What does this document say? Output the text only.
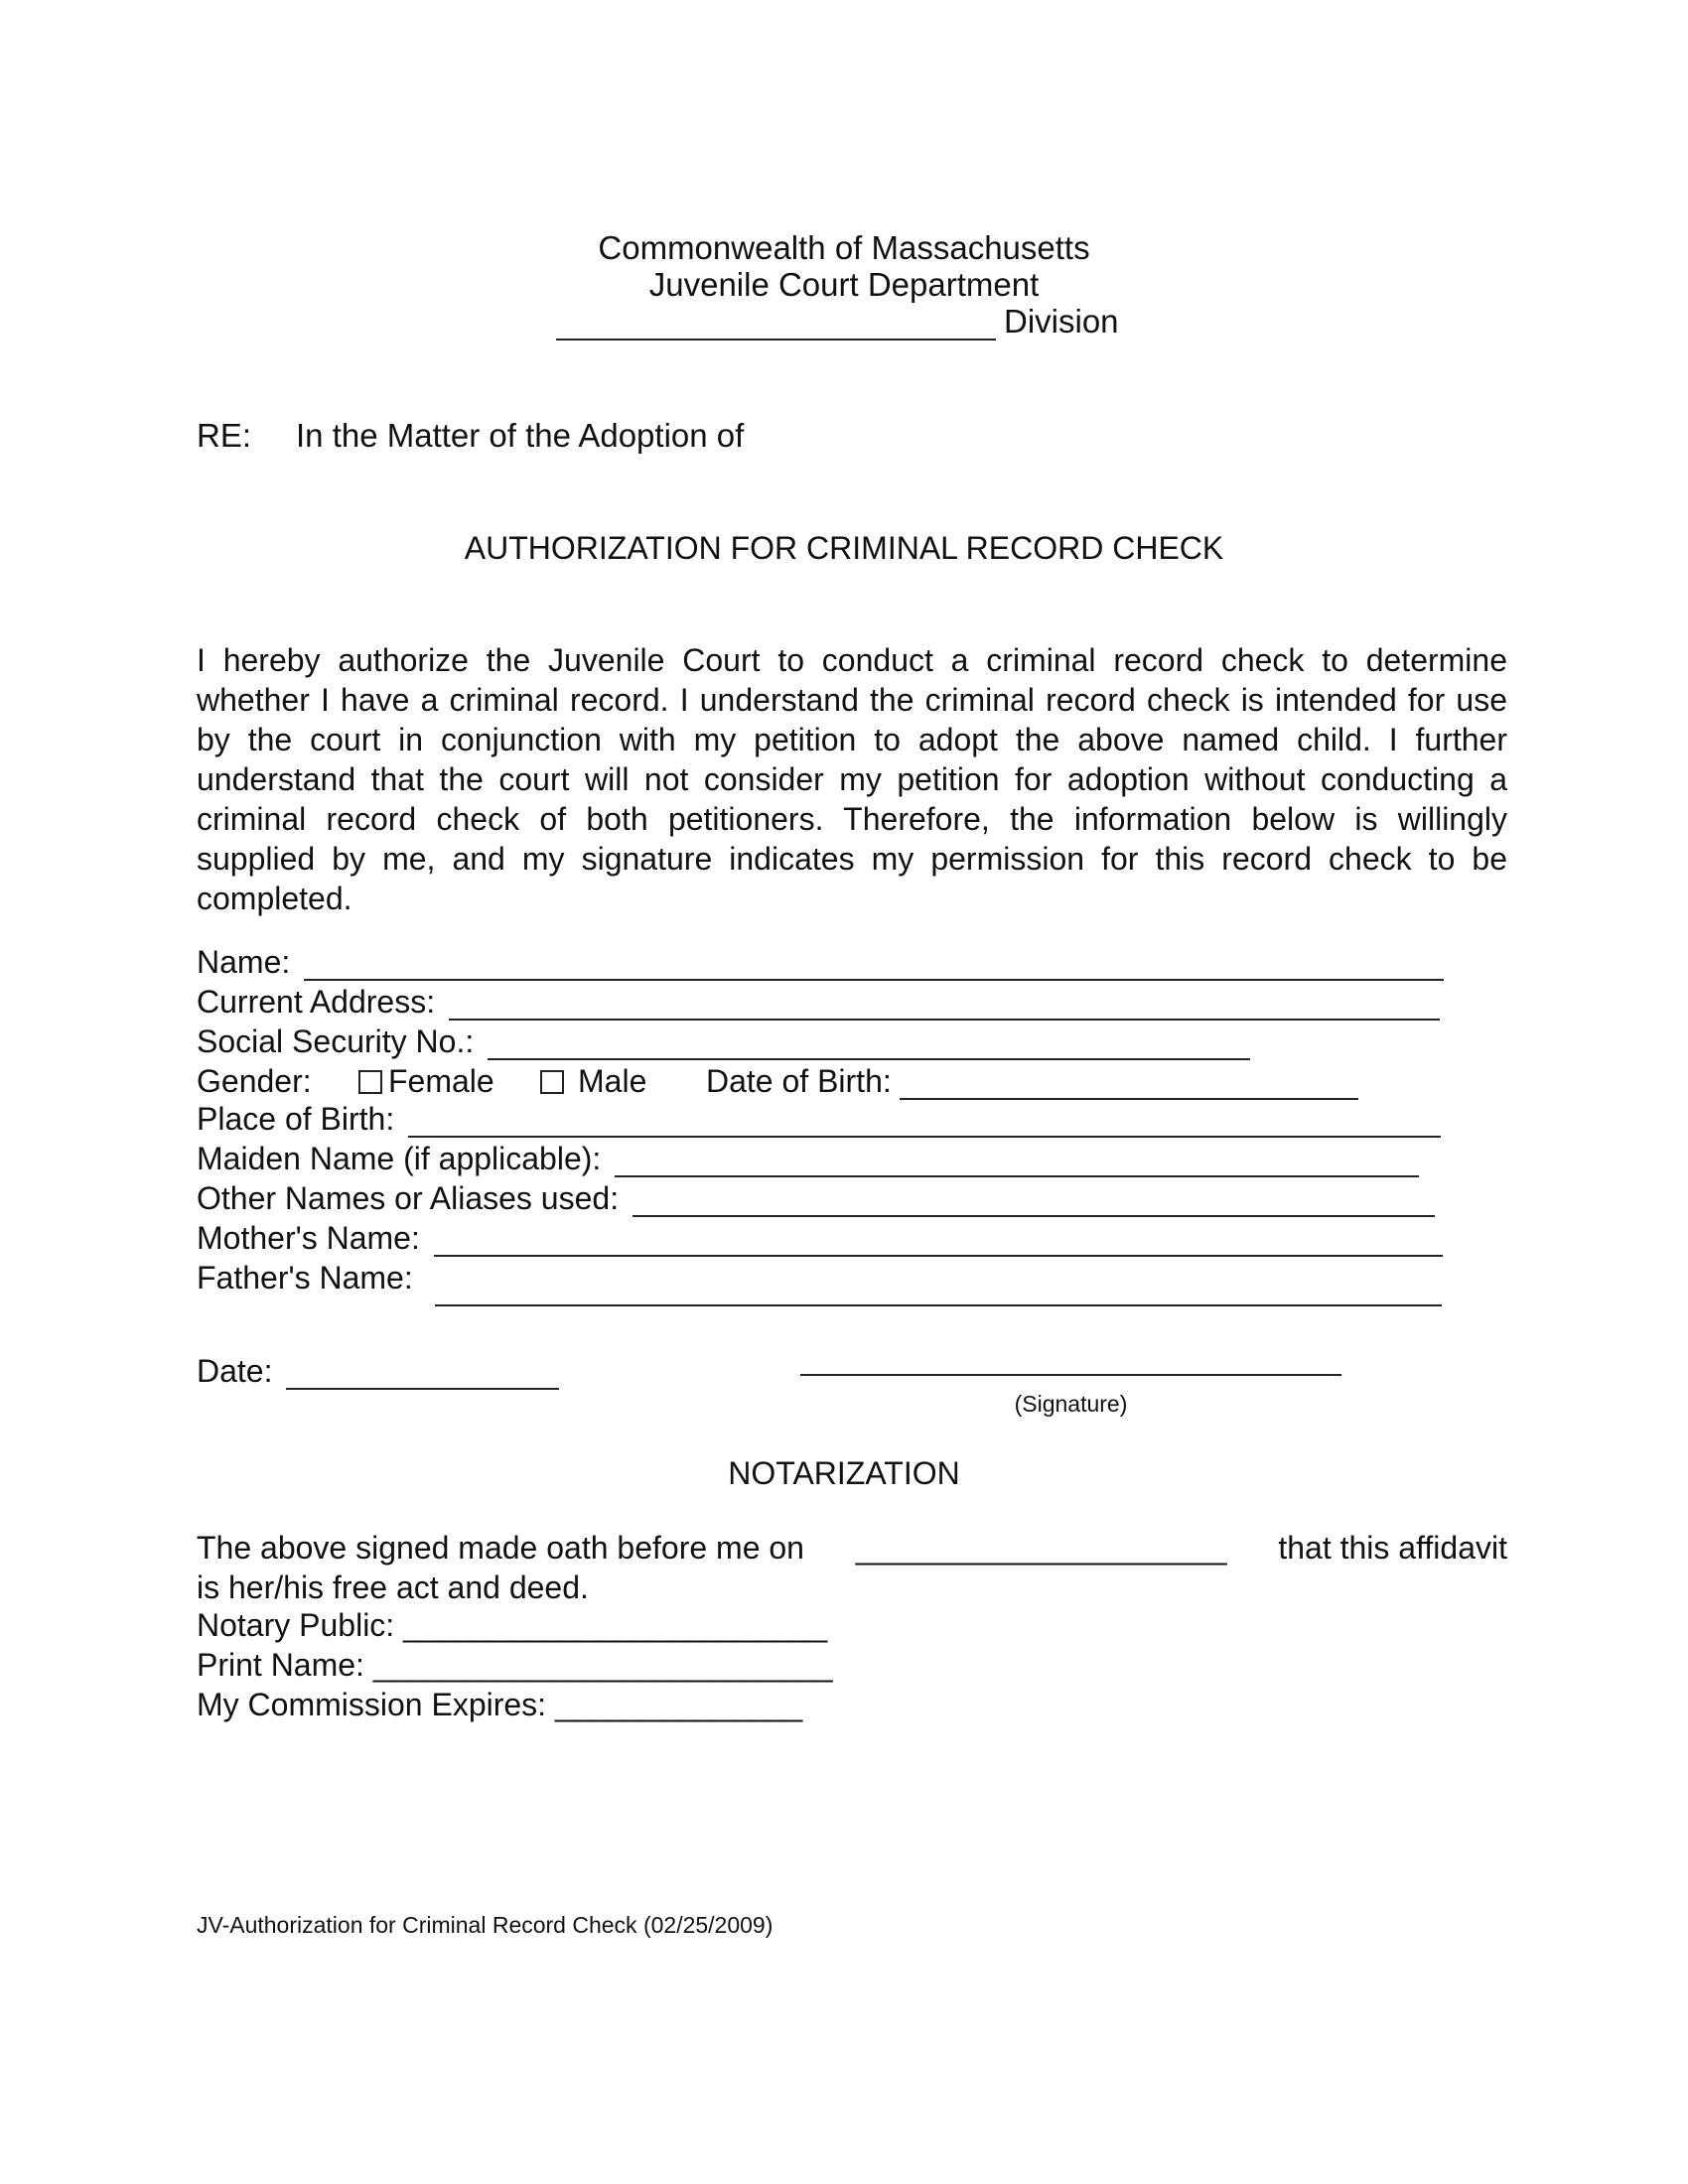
Commonwealth of Massachusetts
Juvenile Court Department
Division
RE:	In the Matter of the Adoption of
AUTHORIZATION FOR CRIMINAL RECORD CHECK
I hereby authorize the Juvenile Court to conduct a criminal record check to determine whether I have a criminal record. I understand the criminal record check is intended for use by the court in conjunction with my petition to adopt the above named child. I further understand that the court will not consider my petition for adoption without conducting a criminal record check of both petitioners. Therefore, the information below is willingly supplied by me, and my signature indicates my permission for this record check to be completed.
Name:
Current Address:
Social Security No.:
Gender:	Female	Male	Date of Birth:
Place of Birth:
Maiden Name (if applicable):
Other Names or Aliases used:
Mother's Name:
Father's Name:
Date:
(Signature)
NOTARIZATION
The above signed made oath before me on _____________________ that this affidavit
is her/his free act and deed.
Notary Public: ________________________
Print Name: __________________________
My Commission Expires: ______________
JV-Authorization for Criminal Record Check (02/25/2009)
